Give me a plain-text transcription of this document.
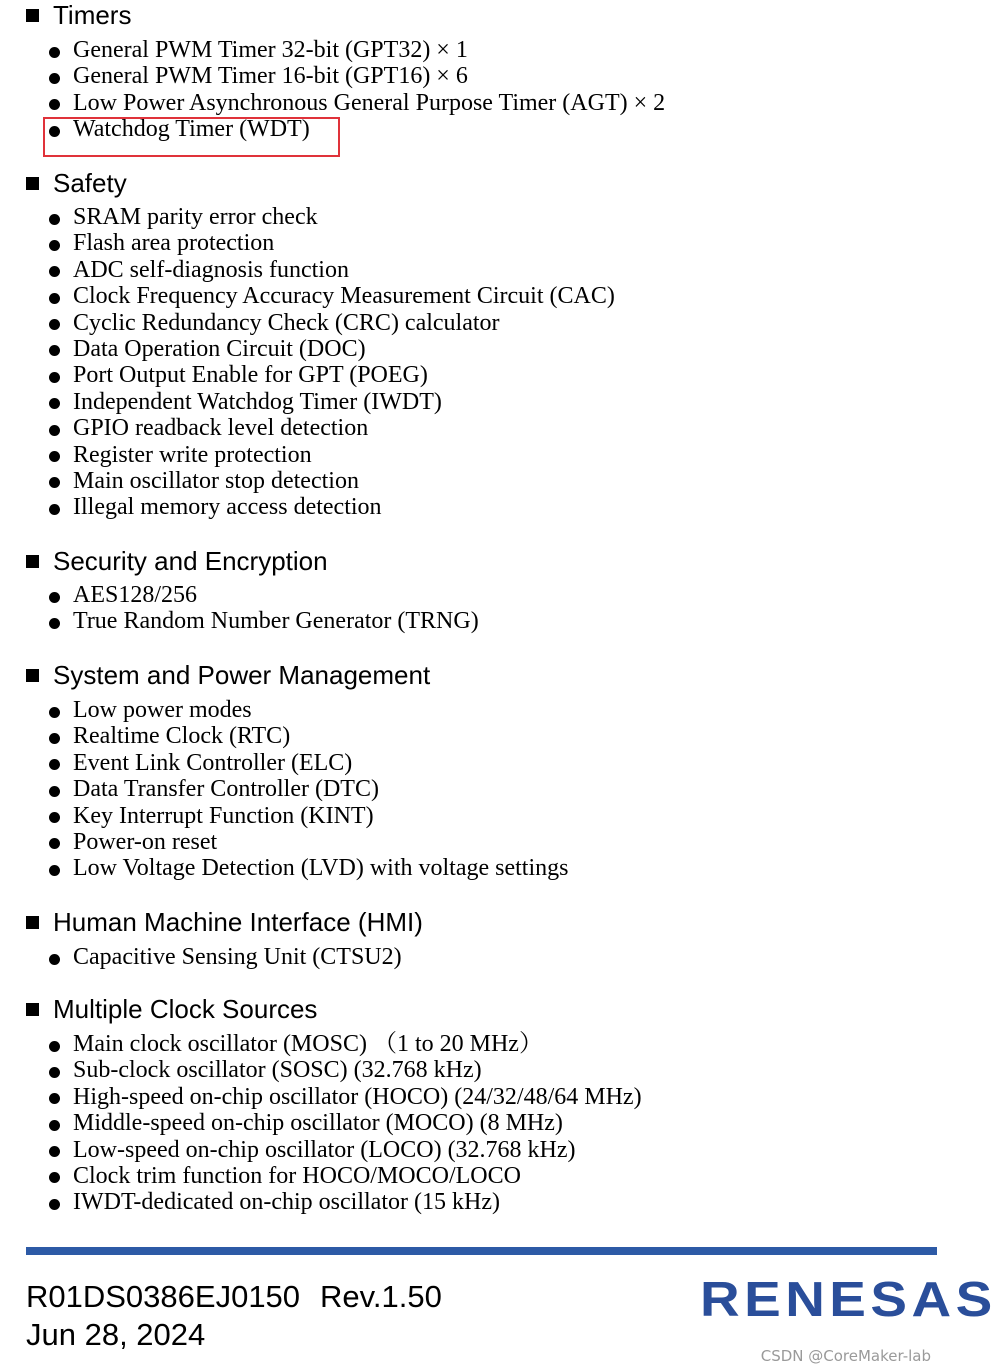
Timers
General PWM Timer 32-bit (GPT32) × 1
General PWM Timer 16-bit (GPT16) × 6
Low Power Asynchronous General Purpose Timer (AGT) × 2
Watchdog Timer (WDT)
Safety
SRAM parity error check
Flash area protection
ADC self-diagnosis function
Clock Frequency Accuracy Measurement Circuit (CAC)
Cyclic Redundancy Check (CRC) calculator
Data Operation Circuit (DOC)
Port Output Enable for GPT (POEG)
Independent Watchdog Timer (IWDT)
GPIO readback level detection
Register write protection
Main oscillator stop detection
Illegal memory access detection
Security and Encryption
AES128/256
True Random Number Generator (TRNG)
System and Power Management
Low power modes
Realtime Clock (RTC)
Event Link Controller (ELC)
Data Transfer Controller (DTC)
Key Interrupt Function (KINT)
Power-on reset
Low Voltage Detection (LVD) with voltage settings
Human Machine Interface (HMI)
Capacitive Sensing Unit (CTSU2)
Multiple Clock Sources
Main clock oscillator (MOSC) （1 to 20 MHz）
Sub-clock oscillator (SOSC) (32.768 kHz)
High-speed on-chip oscillator (HOCO) (24/32/48/64 MHz)
Middle-speed on-chip oscillator (MOCO) (8 MHz)
Low-speed on-chip oscillator (LOCO) (32.768 kHz)
Clock trim function for HOCO/MOCO/LOCO
IWDT-dedicated on-chip oscillator (15 kHz)
R01DS0386EJ0150 Rev.1.50
Jun 28, 2024
RENESAS
CSDN @CoreMaker-lab
